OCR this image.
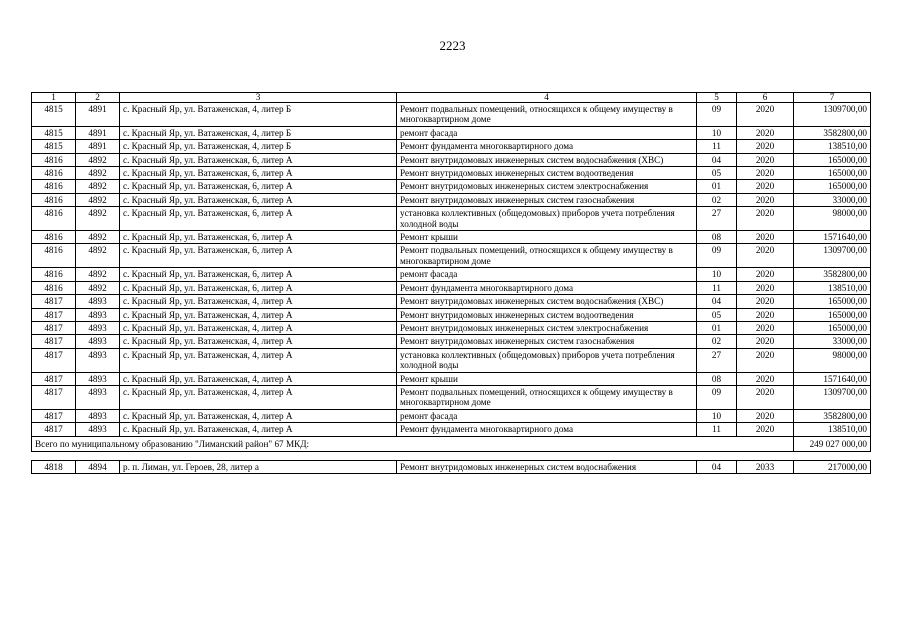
2223
1	2	3	4	5	6	7
4815	4891	с. Красный Яр, ул. Ватаженская, 4, литер Б	Ремонт подвальных помещений, относящихся к общему имуществу в многоквартирном доме	09	2020	1309700,00
4815	4891	с. Красный Яр, ул. Ватаженская, 4, литер Б	ремонт фасада	10	2020	3582800,00
4815	4891	с. Красный Яр, ул. Ватаженская, 4, литер Б	Ремонт фундамента многоквартирного дома	11	2020	138510,00
4816	4892	с. Красный Яр, ул. Ватаженская, 6, литер А	Ремонт внутридомовых инженерных систем водоснабжения (ХВС)	04	2020	165000,00
4816	4892	с. Красный Яр, ул. Ватаженская, 6, литер А	Ремонт внутридомовых инженерных систем водоотведения	05	2020	165000,00
4816	4892	с. Красный Яр, ул. Ватаженская, 6, литер А	Ремонт внутридомовых инженерных систем электроснабжения	01	2020	165000,00
4816	4892	с. Красный Яр, ул. Ватаженская, 6, литер А	Ремонт внутридомовых инженерных систем газоснабжения	02	2020	33000,00
4816	4892	с. Красный Яр, ул. Ватаженская, 6, литер А	установка коллективных (общедомовых) приборов учета потребления холодной воды	27	2020	98000,00
4816	4892	с. Красный Яр, ул. Ватаженская, 6, литер А	Ремонт крыши	08	2020	1571640,00
4816	4892	с. Красный Яр, ул. Ватаженская, 6, литер А	Ремонт подвальных помещений, относящихся к общему имуществу в многоквартирном доме	09	2020	1309700,00
4816	4892	с. Красный Яр, ул. Ватаженская, 6, литер А	ремонт фасада	10	2020	3582800,00
4816	4892	с. Красный Яр, ул. Ватаженская, 6, литер А	Ремонт фундамента многоквартирного дома	11	2020	138510,00
4817	4893	с. Красный Яр, ул. Ватаженская, 4, литер А	Ремонт внутридомовых инженерных систем водоснабжения (ХВС)	04	2020	165000,00
4817	4893	с. Красный Яр, ул. Ватаженская, 4, литер А	Ремонт внутридомовых инженерных систем водоотведения	05	2020	165000,00
4817	4893	с. Красный Яр, ул. Ватаженская, 4, литер А	Ремонт внутридомовых инженерных систем электроснабжения	01	2020	165000,00
4817	4893	с. Красный Яр, ул. Ватаженская, 4, литер А	Ремонт внутридомовых инженерных систем газоснабжения	02	2020	33000,00
4817	4893	с. Красный Яр, ул. Ватаженская, 4, литер А	установка коллективных (общедомовых) приборов учета потребления холодной воды	27	2020	98000,00
4817	4893	с. Красный Яр, ул. Ватаженская, 4, литер А	Ремонт крыши	08	2020	1571640,00
4817	4893	с. Красный Яр, ул. Ватаженская, 4, литер А	Ремонт подвальных помещений, относящихся к общему имуществу в многоквартирном доме	09	2020	1309700,00
4817	4893	с. Красный Яр, ул. Ватаженская, 4, литер А	ремонт фасада	10	2020	3582800,00
4817	4893	с. Красный Яр, ул. Ватаженская, 4, литер А	Ремонт фундамента многоквартирного дома	11	2020	138510,00
Всего по муниципальному образованию "Лиманский район" 67 МКД:						249 027 000,00

4818	4894	р. п. Лиман, ул. Героев, 28, литер а	Ремонт внутридомовых инженерных систем водоснабжения	04	2033	217000,00
